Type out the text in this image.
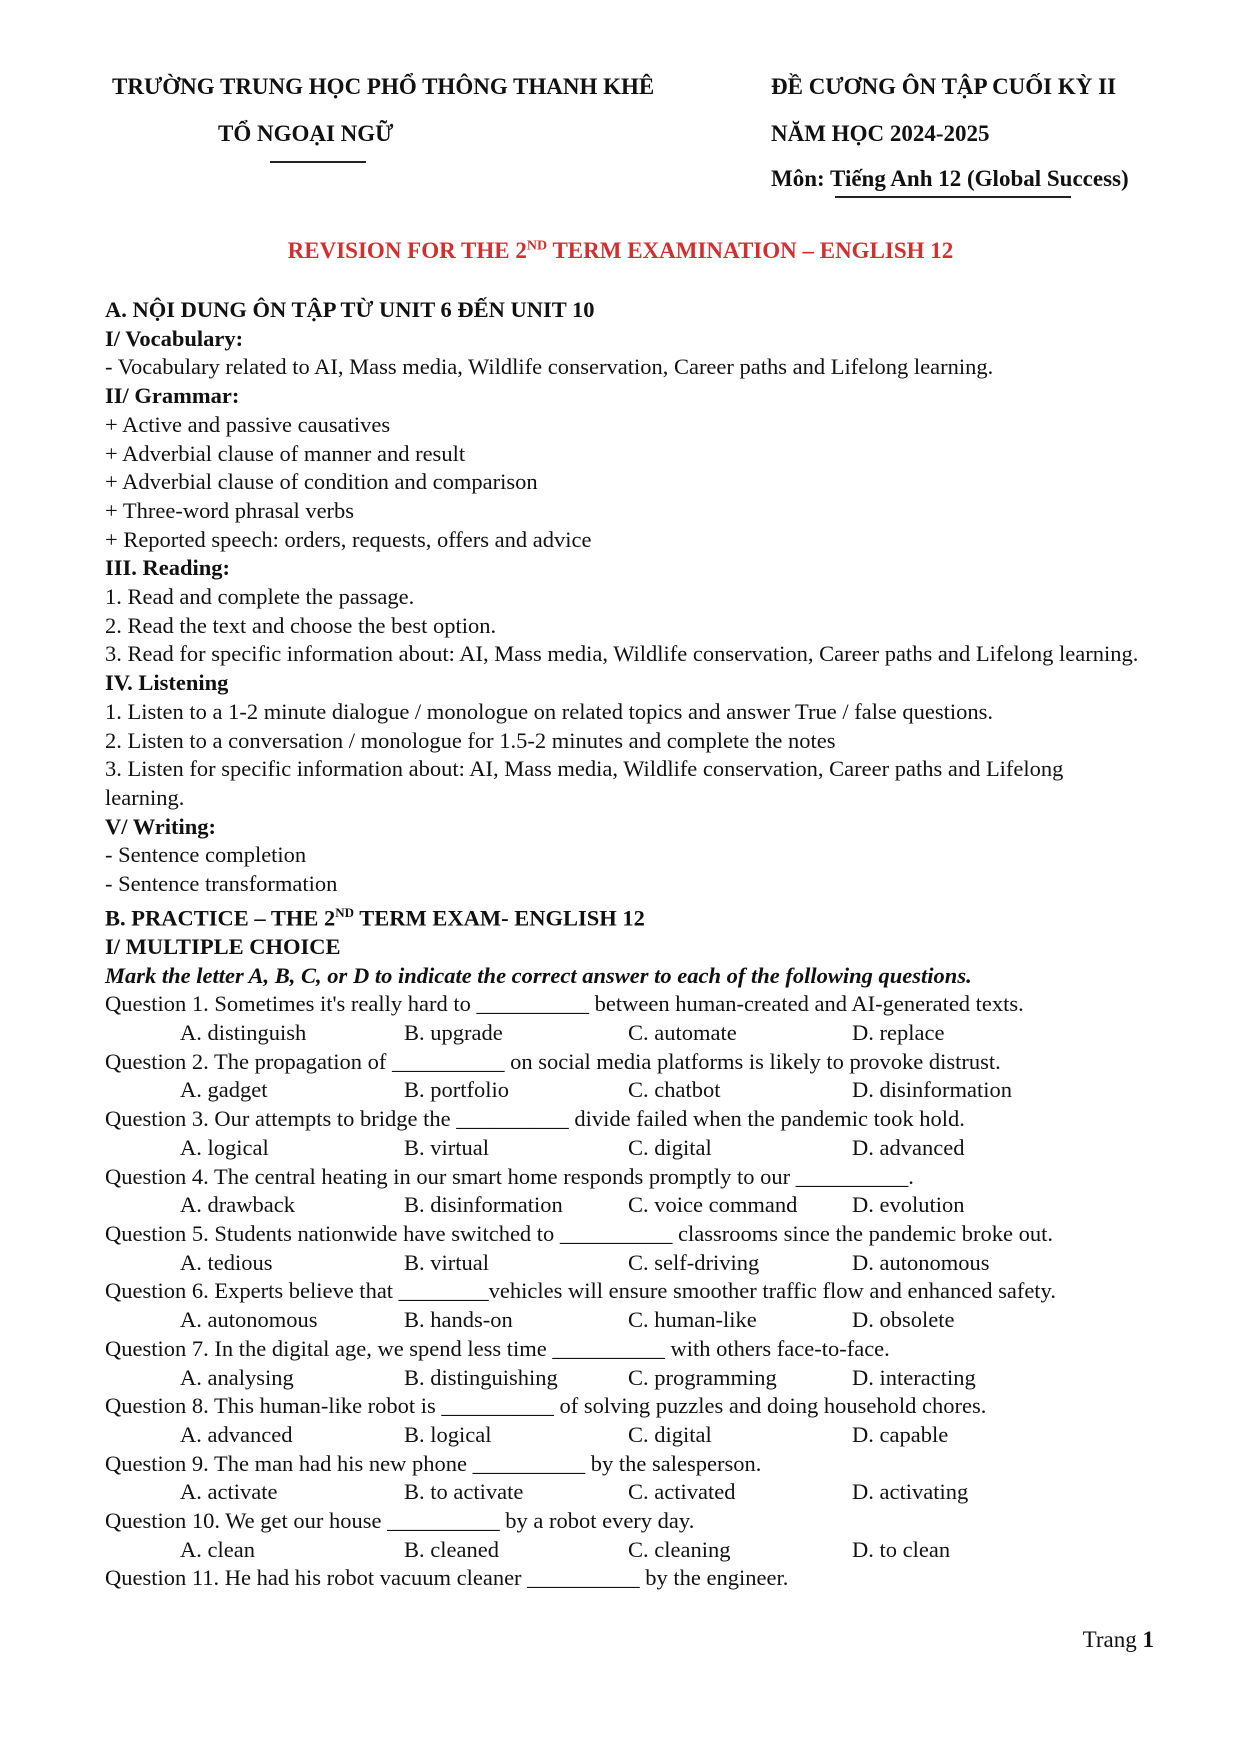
TRƯỜNG TRUNG HỌC PHỔ THÔNG THANH KHÊ
TỔ NGOẠI NGỮ
ĐỀ CƯƠNG ÔN TẬP CUỐI KỲ II
NĂM HỌC 2024-2025
Môn: Tiếng Anh 12 (Global Success)
REVISION FOR THE 2ND TERM EXAMINATION – ENGLISH 12
A. NỘI DUNG ÔN TẬP TỪ UNIT 6 ĐẾN UNIT 10
I/ Vocabulary:
- Vocabulary related to AI, Mass media, Wildlife conservation, Career paths and Lifelong learning.
II/ Grammar:
+ Active and passive causatives
+ Adverbial clause of manner and result
+ Adverbial clause of condition and comparison
+ Three-word phrasal verbs
+ Reported speech: orders, requests, offers and advice
III. Reading:
1. Read and complete the passage.
2. Read the text and choose the best option.
3. Read for specific information about: AI, Mass media, Wildlife conservation, Career paths and Lifelong learning.
IV. Listening
1. Listen to a 1-2 minute dialogue / monologue on related topics and answer True / false questions.
2. Listen to a conversation / monologue for 1.5-2 minutes and complete the notes
3. Listen for specific information about: AI, Mass media, Wildlife conservation, Career paths and Lifelong learning.
V/ Writing:
- Sentence completion
- Sentence transformation
B. PRACTICE – THE 2ND TERM EXAM- ENGLISH 12
I/ MULTIPLE CHOICE
Mark the letter A, B, C, or D to indicate the correct answer to each of the following questions.
Question 1. Sometimes it's really hard to __________ between human-created and AI-generated texts.
A. distinguish	B. upgrade	C. automate	D. replace
Question 2. The propagation of __________ on social media platforms is likely to provoke distrust.
A. gadget	B. portfolio	C. chatbot	D. disinformation
Question 3. Our attempts to bridge the __________ divide failed when the pandemic took hold.
A. logical	B. virtual	C. digital	D. advanced
Question 4. The central heating in our smart home responds promptly to our __________.
A. drawback	B. disinformation	C. voice command D. evolution
Question 5. Students nationwide have switched to __________ classrooms since the pandemic broke out.
A. tedious	B. virtual	C. self-driving	D. autonomous
Question 6. Experts believe that ________vehicles will ensure smoother traffic flow and enhanced safety.
A. autonomous	B. hands-on	C. human-like	D. obsolete
Question 7. In the digital age, we spend less time __________ with others face-to-face.
A. analysing	B. distinguishing	C. programming	D. interacting
Question 8. This human-like robot is __________ of solving puzzles and doing household chores.
A. advanced	B. logical	C. digital	D. capable
Question 9. The man had his new phone __________ by the salesperson.
A. activate	B. to activate	C. activated	D. activating
Question 10. We get our house __________ by a robot every day.
A. clean	B. cleaned	C. cleaning	D. to clean
Question 11. He had his robot vacuum cleaner __________ by the engineer.
Trang 1
